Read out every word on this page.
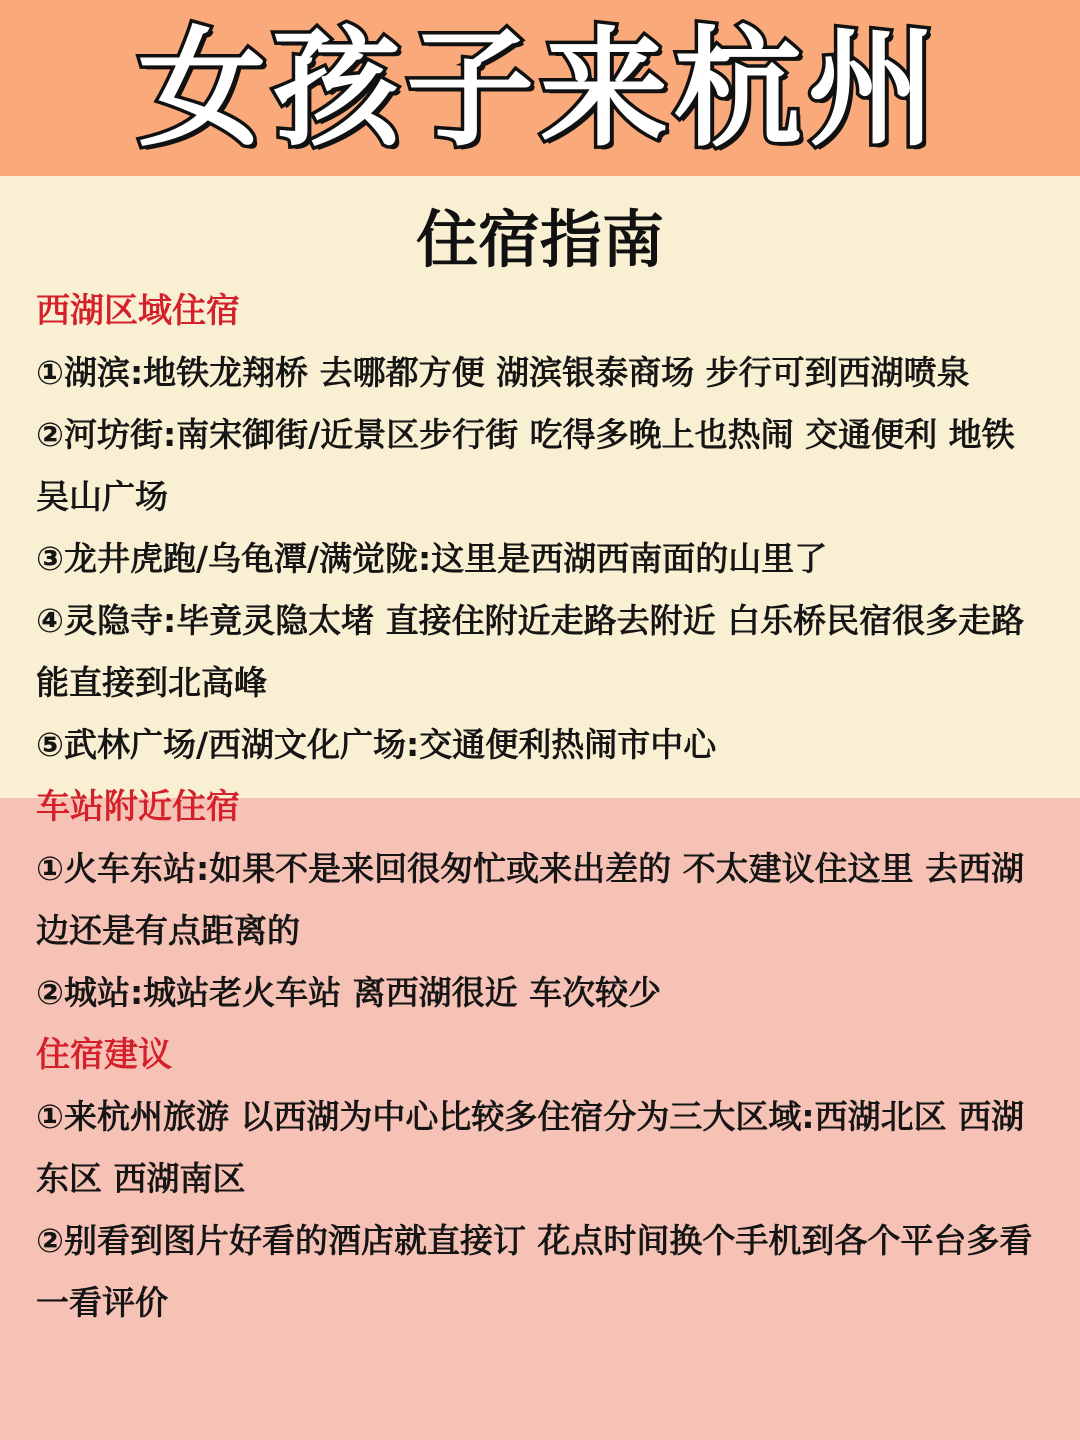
女孩子来杭州
住宿指南
西湖区域住宿
①湖滨:地铁龙翔桥 去哪都方便 湖滨银泰商场 步行可到西湖喷泉
②河坊街:南宋御街/近景区步行街 吃得多晚上也热闹 交通便利 地铁吴山广场
③龙井虎跑/乌龟潭/满觉陇:这里是西湖西南面的山里了
④灵隐寺:毕竟灵隐太堵 直接住附近走路去附近 白乐桥民宿很多走路能直接到北高峰
⑤武林广场/西湖文化广场:交通便利热闹市中心
车站附近住宿
①火车东站:如果不是来回很匆忙或来出差的 不太建议住这里 去西湖边还是有点距离的
②城站:城站老火车站 离西湖很近 车次较少
住宿建议
①来杭州旅游 以西湖为中心比较多住宿分为三大区域:西湖北区 西湖东区 西湖南区
②别看到图片好看的酒店就直接订 花点时间换个手机到各个平台多看一看评价
